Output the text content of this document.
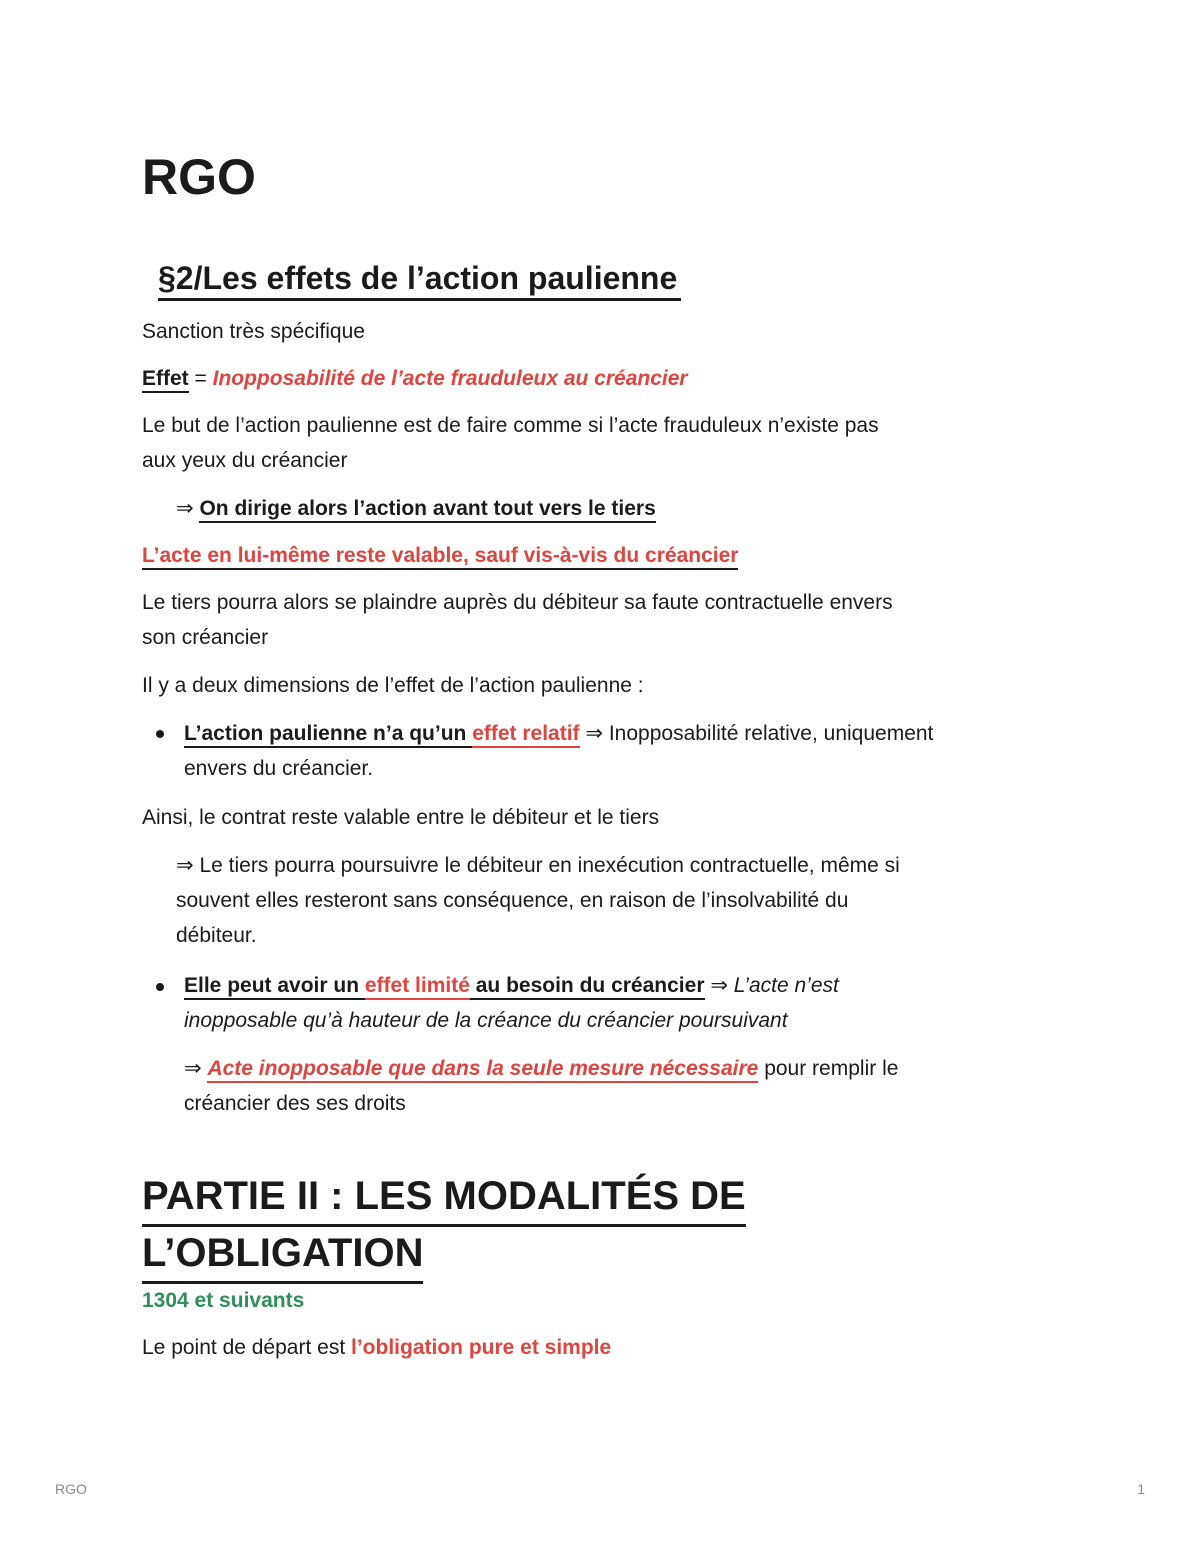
RGO
§2/Les effets de l’action paulienne

Sanction très spécifique

Effet = Inopposabilité de l’acte frauduleux au créancier

Le but de l’action paulienne est de faire comme si l’acte frauduleux n’existe pas

aux yeux du créancier

⇒ On dirige alors l’action avant tout vers le tiers

L’acte en lui-même reste valable, sauf vis-à-vis du créancier

Le tiers pourra alors se plaindre auprès du débiteur sa faute contractuelle envers

son créancier

Il y a deux dimensions de l’effet de l’action paulienne :

L’action paulienne n’a qu’un effet relatif ⇒ Inopposabilité relative, uniquement

envers du créancier.

Ainsi, le contrat reste valable entre le débiteur et le tiers

⇒ Le tiers pourra poursuivre le débiteur en inexécution contractuelle, même si

souvent elles resteront sans conséquence, en raison de l’insolvabilité du

débiteur.

Elle peut avoir un effet limité au besoin du créancier ⇒ L’acte n’est

inopposable qu’à hauteur de la créance du créancier poursuivant

⇒ Acte inopposable que dans la seule mesure nécessaire pour remplir le

créancier des ses droits

PARTIE II : LES MODALITÉS DE
L’OBLIGATION

1304 et suivants

Le point de départ est l’obligation pure et simple

RGO	1
